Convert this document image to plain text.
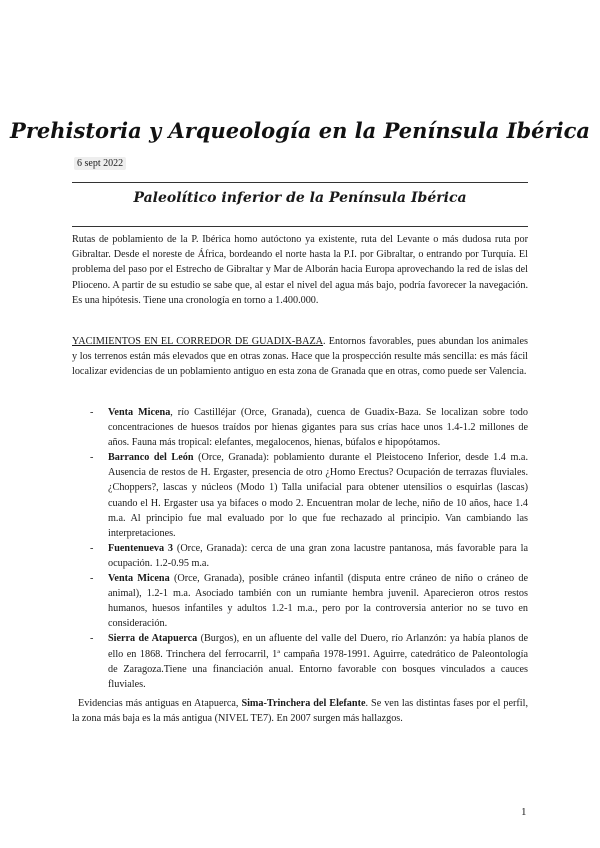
Prehistoria y Arqueología en la Península Ibérica
6 sept 2022
Paleolítico inferior de la Península Ibérica

Rutas de poblamiento de la P. Ibérica homo autóctono ya existente, ruta del Levante o más dudosa ruta por Gibraltar. Desde el noreste de África, bordeando el norte hasta la P.I. por Gibraltar, o entrando por Turquía. El problema del paso por el Estrecho de Gibraltar y Mar de Alborán hacia Europa aprovechando la red de islas del Plioceno. A partir de su estudio se sabe que, al estar el nivel del agua más bajo, podría favorecer la navegación. Es una hipótesis. Tiene una cronología en torno a 1.400.000.

YACIMIENTOS EN EL CORREDOR DE GUADIX-BAZA. Entornos favorables, pues abundan los animales y los terrenos están más elevados que en otras zonas. Hace que la prospección resulte más sencilla: es más fácil localizar evidencias de un poblamiento antiguo en esta zona de Granada que en otras, como puede ser Valencia.

- Venta Micena, río Castilléjar (Orce, Granada), cuenca de Guadix-Baza. Se localizan sobre todo concentraciones de huesos traídos por hienas gigantes para sus crías hace unos 1.4-1.2 millones de años. Fauna más tropical: elefantes, megalocenos, hienas, búfalos e hipopótamos.
- Barranco del León (Orce, Granada): poblamiento durante el Pleistoceno Inferior, desde 1.4 m.a. Ausencia de restos de H. Ergaster, presencia de otro ¿Homo Erectus? Ocupación de terrazas fluviales. ¿Choppers?, lascas y núcleos (Modo 1) Talla unifacial para obtener utensilios o esquirlas (lascas) cuando el H. Ergaster usa ya bifaces o modo 2. Encuentran molar de leche, niño de 10 años, hace 1.4 m.a. Al principio fue mal evaluado por lo que fue rechazado al principio. Van cambiando las interpretaciones.
- Fuentenueva 3 (Orce, Granada): cerca de una gran zona lacustre pantanosa, más favorable para la ocupación. 1.2-0.95 m.a.
- Venta Micena (Orce, Granada), posible cráneo infantil (disputa entre cráneo de niño o cráneo de animal), 1.2-1 m.a. Asociado también con un rumiante hembra juvenil. Aparecieron otros restos humanos, huesos infantiles y adultos 1.2-1 m.a., pero por la controversia anterior no se tuvo en consideración.
- Sierra de Atapuerca (Burgos), en un afluente del valle del Duero, río Arlanzón: ya había planos de ello en 1868. Trinchera del ferrocarril, 1ª campaña 1978-1991. Aguirre, catedrático de Paleontología de Zaragoza.Tiene una financiación anual. Entorno favorable con bosques vinculados a cauces fluviales.

Evidencias más antiguas en Atapuerca, Sima-Trinchera del Elefante. Se ven las distintas fases por el perfil, la zona más baja es la más antigua (NIVEL TE7). En 2007 surgen más hallazgos.

1
